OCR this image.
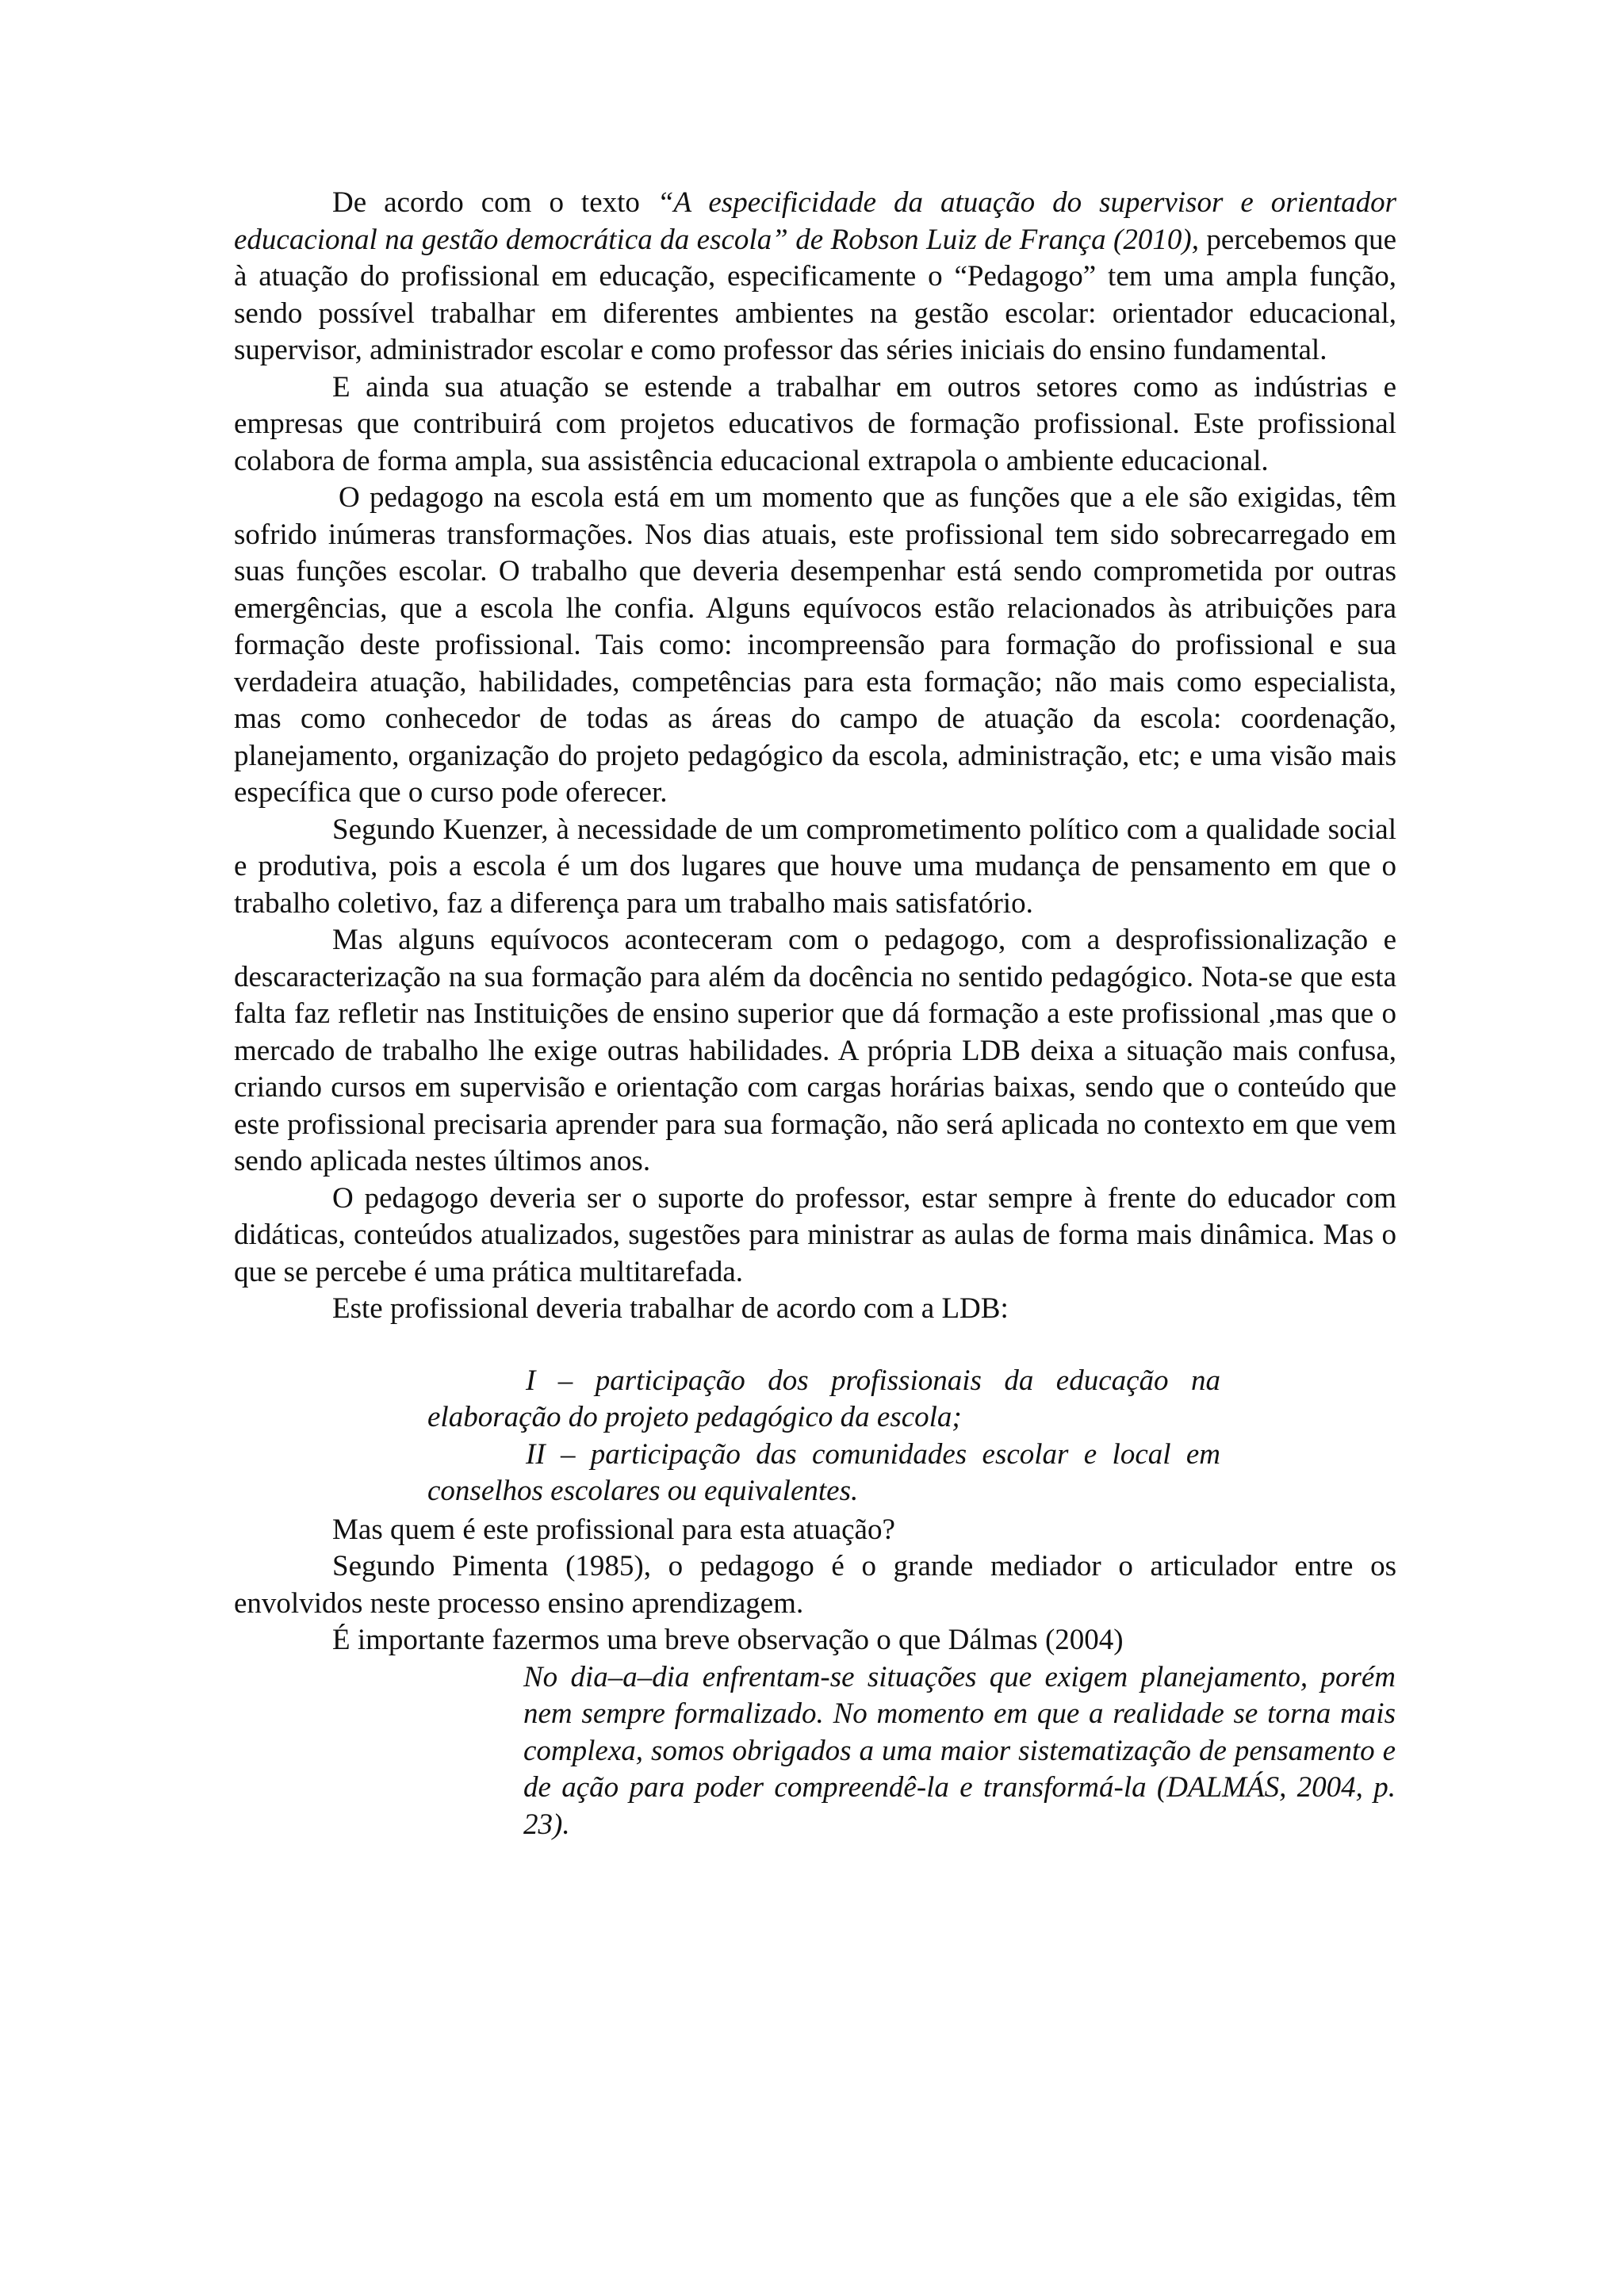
De acordo com o texto “A especificidade da atuação do supervisor e orientador educacional na gestão democrática da escola” de Robson Luiz de França (2010), percebemos que à atuação do profissional em educação, especificamente o “Pedagogo” tem uma ampla função, sendo possível trabalhar em diferentes ambientes na gestão escolar: orientador educacional, supervisor, administrador escolar e como professor das séries iniciais do ensino fundamental.

E ainda sua atuação se estende a trabalhar em outros setores como as indústrias e empresas que contribuirá com projetos educativos de formação profissional. Este profissional colabora de forma ampla, sua assistência educacional extrapola o ambiente educacional.

O pedagogo na escola está em um momento que as funções que a ele são exigidas, têm sofrido inúmeras transformações. Nos dias atuais, este profissional tem sido sobrecarregado em suas funções escolar. O trabalho que deveria desempenhar está sendo comprometida por outras emergências, que a escola lhe confia. Alguns equívocos estão relacionados às atribuições para formação deste profissional. Tais como: incompreensão para formação do profissional e sua verdadeira atuação, habilidades, competências para esta formação; não mais como especialista, mas como conhecedor de todas as áreas do campo de atuação da escola: coordenação, planejamento, organização do projeto pedagógico da escola, administração, etc; e uma visão mais específica que o curso pode oferecer.

Segundo Kuenzer, à necessidade de um comprometimento político com a qualidade social e produtiva, pois a escola é um dos lugares que houve uma mudança de pensamento em que o trabalho coletivo, faz a diferença para um trabalho mais satisfatório.

Mas alguns equívocos aconteceram com o pedagogo, com a desprofissionalização e descaracterização na sua formação para além da docência no sentido pedagógico. Nota-se que esta falta faz refletir nas Instituições de ensino superior que dá formação a este profissional ,mas que o mercado de trabalho lhe exige outras habilidades. A própria LDB deixa a situação mais confusa, criando cursos em supervisão e orientação com cargas horárias baixas, sendo que o conteúdo que este profissional precisaria aprender para sua formação, não será aplicada no contexto em que vem sendo aplicada nestes últimos anos.

O pedagogo deveria ser o suporte do professor, estar sempre à frente do educador com didáticas, conteúdos atualizados, sugestões para ministrar as aulas de forma mais dinâmica. Mas o que se percebe é uma prática multitarefada.

Este profissional deveria trabalhar de acordo com a LDB:

I – participação dos profissionais da educação na elaboração do projeto pedagógico da escola;
II – participação das comunidades escolar e local em conselhos escolares ou equivalentes.

Mas quem é este profissional para esta atuação?

Segundo Pimenta (1985), o pedagogo é o grande mediador o articulador entre os envolvidos neste processo ensino aprendizagem.

É importante fazermos uma breve observação o que Dálmas (2004)

No dia–a–dia enfrentam-se situações que exigem planejamento, porém nem sempre formalizado. No momento em que a realidade se torna mais complexa, somos obrigados a uma maior sistematização de pensamento e de ação para poder compreendê-la e transformá-la (DALMÁS, 2004, p. 23).
